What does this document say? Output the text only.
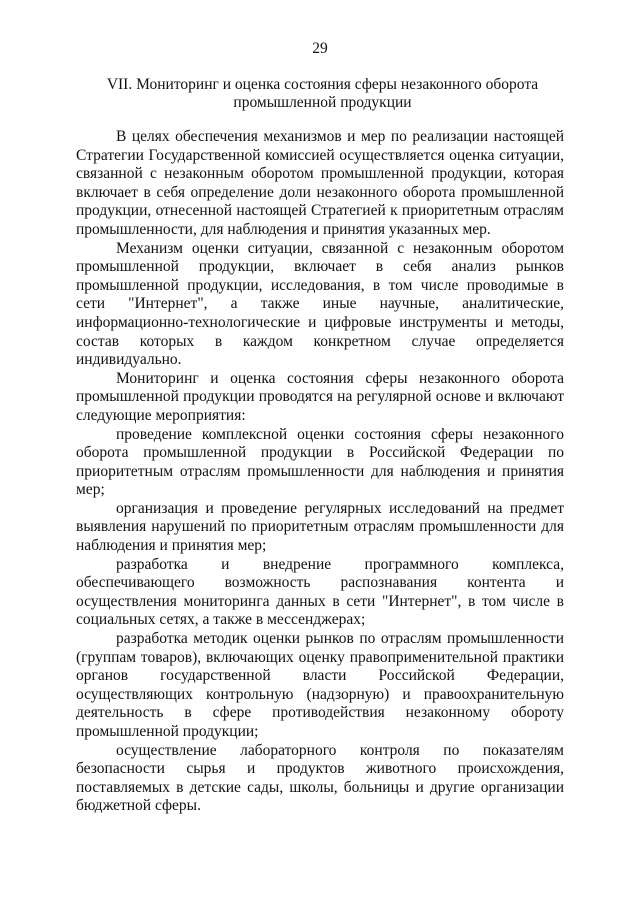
29
VII. Мониторинг и оценка состояния сферы незаконного оборота
промышленной продукции

В целях обеспечения механизмов и мер по реализации настоящей Стратегии Государственной комиссией осуществляется оценка ситуации, связанной с незаконным оборотом промышленной продукции, которая включает в себя определение доли незаконного оборота промышленной продукции, отнесенной настоящей Стратегией к приоритетным отраслям промышленности, для наблюдения и принятия указанных мер.

Механизм оценки ситуации, связанной с незаконным оборотом промышленной продукции, включает в себя анализ рынков промышленной продукции, исследования, в том числе проводимые в сети "Интернет", а также иные научные, аналитические, информационно-технологические и цифровые инструменты и методы, состав которых в каждом конкретном случае определяется индивидуально.

Мониторинг и оценка состояния сферы незаконного оборота промышленной продукции проводятся на регулярной основе и включают следующие мероприятия:

проведение комплексной оценки состояния сферы незаконного оборота промышленной продукции в Российской Федерации по приоритетным отраслям промышленности для наблюдения и принятия мер;

организация и проведение регулярных исследований на предмет выявления нарушений по приоритетным отраслям промышленности для наблюдения и принятия мер;

разработка и внедрение программного комплекса, обеспечивающего возможность распознавания контента и осуществления мониторинга данных в сети "Интернет", в том числе в социальных сетях, а также в мессенджерах;

разработка методик оценки рынков по отраслям промышленности (группам товаров), включающих оценку правоприменительной практики органов государственной власти Российской Федерации, осуществляющих контрольную (надзорную) и правоохранительную деятельность в сфере противодействия незаконному обороту промышленной продукции;

осуществление лабораторного контроля по показателям безопасности сырья и продуктов животного происхождения, поставляемых в детские сады, школы, больницы и другие организации бюджетной сферы.
